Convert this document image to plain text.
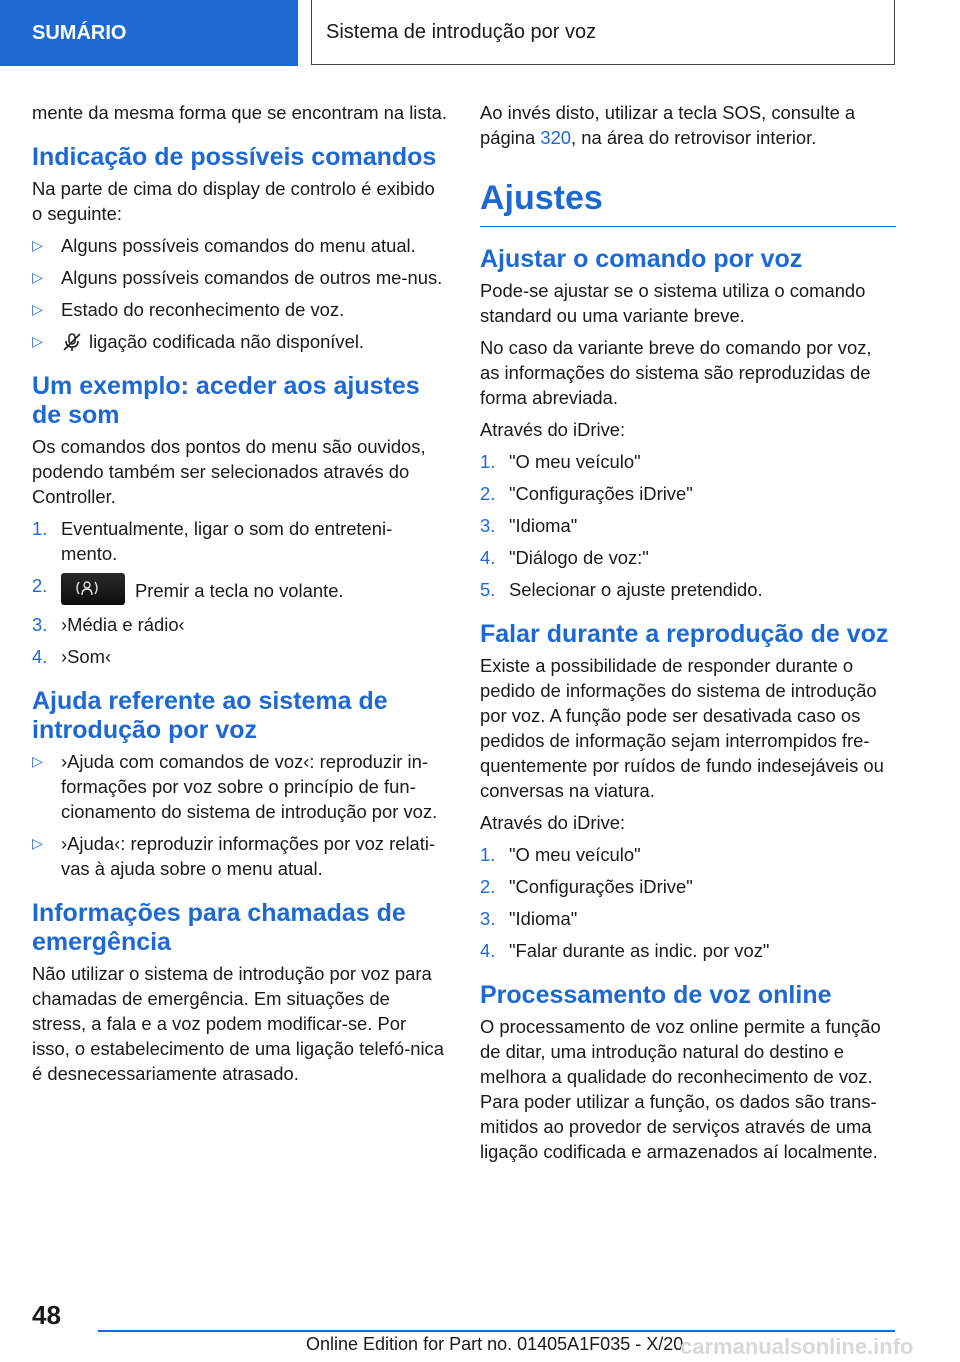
SUMÁRIO	Sistema de introdução por voz

mente da mesma forma que se encontram na lista.

Indicação de possíveis comandos

Na parte de cima do display de controlo é exibido o seguinte:

▷ Alguns possíveis comandos do menu atual.
▷ Alguns possíveis comandos de outros me-nus.
▷ Estado do reconhecimento de voz.
▷	ligação codificada não disponível.
Um exemplo: aceder aos ajustes de som

Os comandos dos pontos do menu são ouvidos, podendo também ser selecionados através do Controller.

1. Eventualmente, ligar o som do entreteni-mento.
2.	Premir a tecla no volante.
3. ›Média e rádio‹
4. ›Som‹
Ajuda referente ao sistema de introdução por voz
▷ ›Ajuda com comandos de voz‹: reproduzir in-formações por voz sobre o princípio de fun-cionamento do sistema de introdução por voz.
▷ ›Ajuda‹: reproduzir informações por voz relati-vas à ajuda sobre o menu atual.
Informações para chamadas de emergência

Não utilizar o sistema de introdução por voz para chamadas de emergência. Em situações de stress, a fala e a voz podem modificar-se. Por isso, o estabelecimento de uma ligação telefó-nica é desnecessariamente atrasado.

Ao invés disto, utilizar a tecla SOS, consulte a página 320, na área do retrovisor interior.

Ajustes
Ajustar o comando por voz

Pode-se ajustar se o sistema utiliza o comando standard ou uma variante breve.

No caso da variante breve do comando por voz, as informações do sistema são reproduzidas de forma abreviada.

Através do iDrive:

1. "O meu veículo"
2. "Configurações iDrive"
3. "Idioma"
4. "Diálogo de voz:"
5. Selecionar o ajuste pretendido.
Falar durante a reprodução de voz

Existe a possibilidade de responder durante o pedido de informações do sistema de introdução por voz. A função pode ser desativada caso os pedidos de informação sejam interrompidos fre-quentemente por ruídos de fundo indesejáveis ou conversas na viatura.

Através do iDrive:

1. "O meu veículo"
2. "Configurações iDrive"
3. "Idioma"
4. "Falar durante as indic. por voz"
Processamento de voz online

O processamento de voz online permite a função de ditar, uma introdução natural do destino e melhora a qualidade do reconhecimento de voz. Para poder utilizar a função, os dados são trans-mitidos ao provedor de serviços através de uma ligação codificada e armazenados aí localmente.

48
Online Edition for Part no. 01405A1F035 - X/20
carmanualsonline.info
